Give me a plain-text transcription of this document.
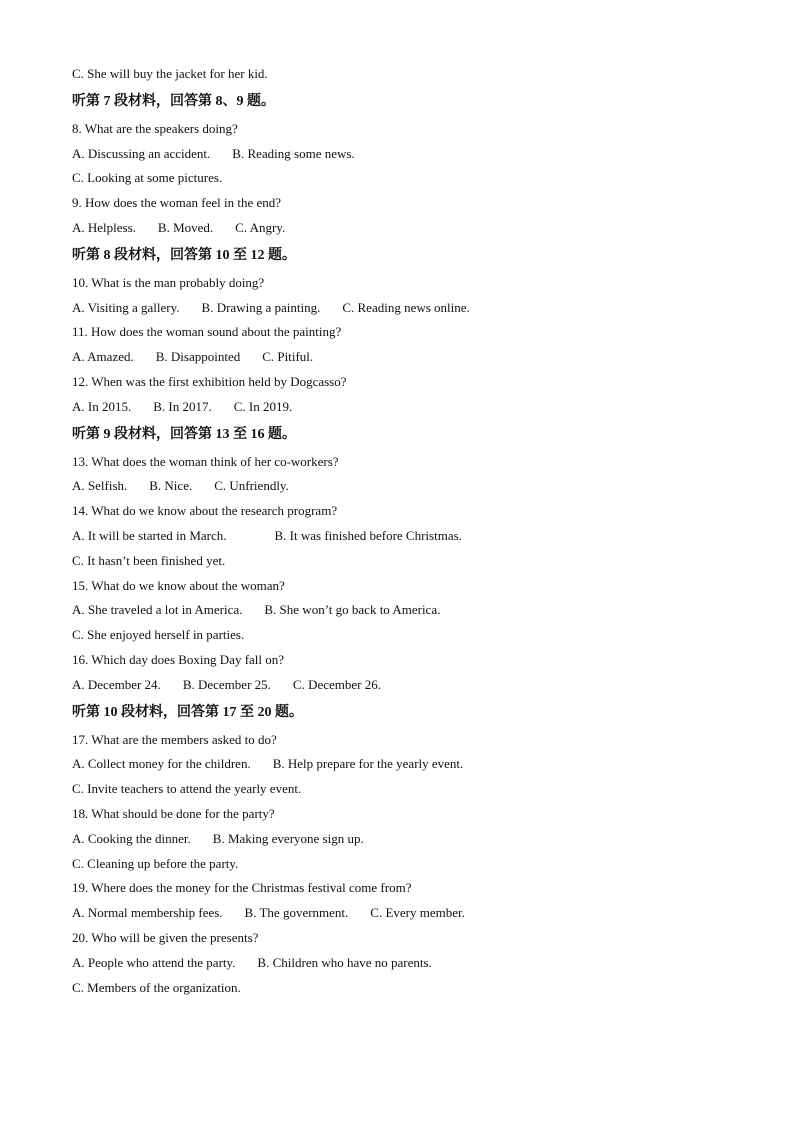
C. She will buy the jacket for her kid.
听第 7 段材料，回答第 8、9 题。
8. What are the speakers doing?
A. Discussing an accident. B. Reading some news.
C. Looking at some pictures.
9. How does the woman feel in the end?
A. Helpless. B. Moved. C. Angry.
听第 8 段材料，回答第 10 至 12 题。
10. What is the man probably doing?
A. Visiting a gallery. B. Drawing a painting. C. Reading news online.
11. How does the woman sound about the painting?
A. Amazed. B. Disappointed C. Pitiful.
12. When was the first exhibition held by Dogcasso?
A. In 2015. B. In 2017. C. In 2019.
听第 9 段材料，回答第 13 至 16 题。
13. What does the woman think of her co-workers?
A. Selfish. B. Nice. C. Unfriendly.
14. What do we know about the research program?
A. It will be started in March.	B. It was finished before Christmas.
C. It hasn’t been finished yet.
15. What do we know about the woman?
A. She traveled a lot in America. B. She won’t go back to America.
C. She enjoyed herself in parties.
16. Which day does Boxing Day fall on?
A. December 24. B. December 25. C. December 26.
听第 10 段材料，回答第 17 至 20 题。
17. What are the members asked to do?
A. Collect money for the children. B. Help prepare for the yearly event.
C. Invite teachers to attend the yearly event.
18. What should be done for the party?
A. Cooking the dinner. B. Making everyone sign up.
C. Cleaning up before the party.
19. Where does the money for the Christmas festival come from?
A. Normal membership fees. B. The government. C. Every member.
20. Who will be given the presents?
A. People who attend the party. B. Children who have no parents.
C. Members of the organization.
